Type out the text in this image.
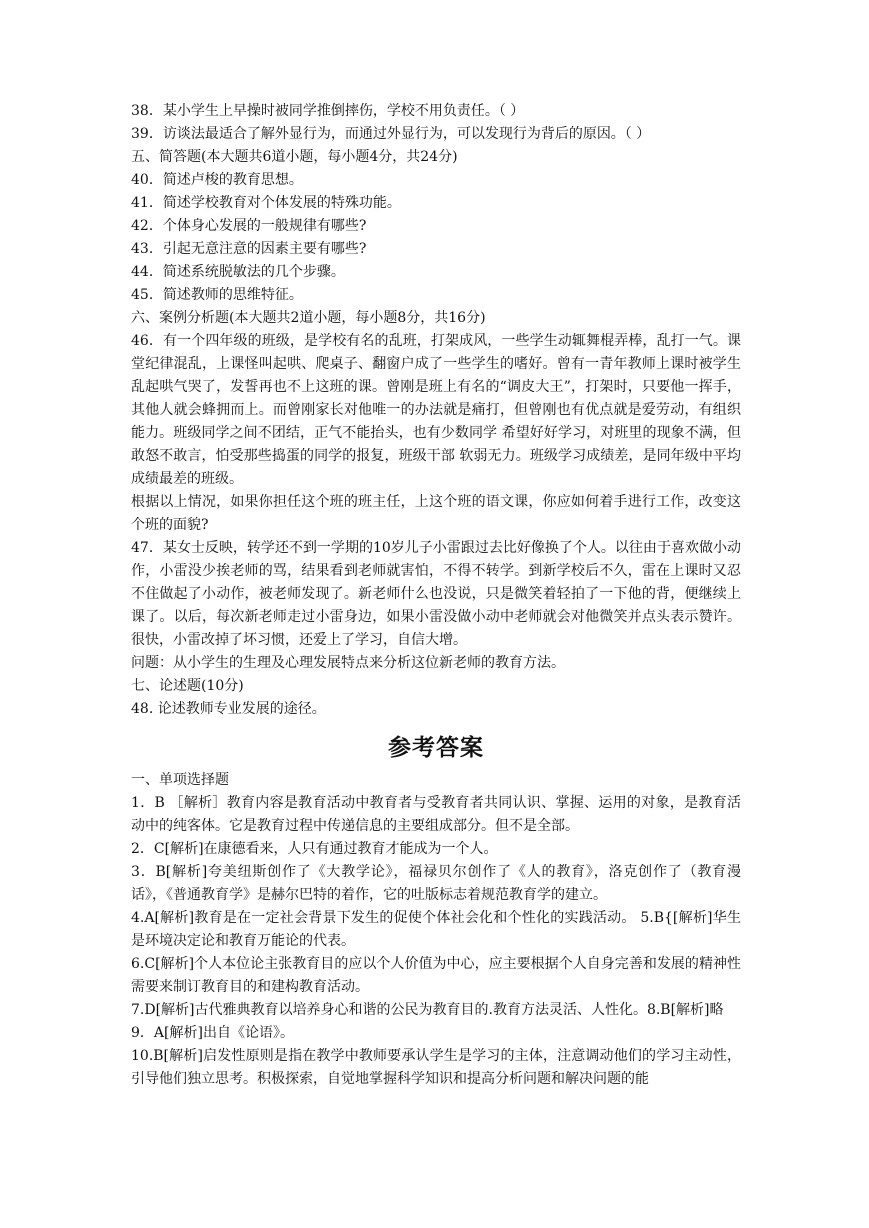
38．某小学生上早操时被同学推倒摔伤，学校不用负责任。（ ）

39．访谈法最适合了解外显行为，而通过外显行为，可以发现行为背后的原因。（ ）

五、简答题(本大题共6道小题，每小题4分，共24分)

40．简述卢梭的教育思想。

41．简述学校教育对个体发展的特殊功能。

42．个体身心发展的一般规律有哪些?

43．引起无意注意的因素主要有哪些?

44．简述系统脱敏法的几个步骤。

45．简述教师的思维特征。

六、案例分析题(本大题共2道小题，每小题8分，共16分)

46．有一个四年级的班级，是学校有名的乱班，打架成风，一些学生动辄舞棍弄棒，乱打一气。课堂纪律混乱，上课怪叫起哄、爬桌子、翻窗户成了一些学生的嗜好。曾有一青年教师上课时被学生乱起哄气哭了，发誓再也不上这班的课。曾刚是班上有名的“调皮大王”，打架时，只要他一挥手，其他人就会蜂拥而上。而曾刚家长对他唯一的办法就是痛打，但曾刚也有优点就是爱劳动，有组织能力。班级同学之间不团结，正气不能抬头，也有少数同学 希望好好学习，对班里的现象不满，但敢怒不敢言，怕受那些捣蛋的同学的报复，班级干部 软弱无力。班级学习成绩差，是同年级中平均成绩最差的班级。

根据以上情况，如果你担任这个班的班主任，上这个班的语文课，你应如何着手进行工作，改变这个班的面貌?

47．某女士反映，转学还不到一学期的10岁儿子小雷跟过去比好像换了个人。以往由于喜欢做小动作，小雷没少挨老师的骂，结果看到老师就害怕，不得不转学。到新学校后不久，雷在上课时又忍不住做起了小动作，被老师发现了。新老师什么也没说，只是微笑着轻拍了一下他的背，便继续上课了。以后，每次新老师走过小雷身边，如果小雷没做小动中老师就会对他微笑并点头表示赞许。很快，小雷改掉了坏习惯，还爱上了学习，自信大增。

问题：从小学生的生理及心理发展特点来分析这位新老师的教育方法。

七、论述题(10分)

48. 论述教师专业发展的途径。

参考答案

一、单项选择题

1．B ［解析］教育内容是教育活动中教育者与受教育者共同认识、掌握、运用的对象，是教育活动中的纯客体。它是教育过程中传递信息的主要组成部分。但不是全部。

2．C[解析]在康德看来，人只有通过教育才能成为一个人。

3．B[解析]夸美纽斯创作了《大教学论》，福禄贝尔创作了《人的教育》，洛克创作了（教育漫话》，《普通教育学》是赫尔巴特的着作，它的吐版标志着规范教育学的建立。

4.A[解析]教育是在一定社会背景下发生的促使个体社会化和个性化的实践活动。 5.B{[解析]华生是环境决定论和教育万能论的代表。

6.C[解析]个人本位论主张教育目的应以个人价值为中心，应主要根据个人自身完善和发展的精神性需要来制订教育目的和建构教育活动。

7.D[解析]古代雅典教育以培养身心和谐的公民为教育目的.教育方法灵活、人性化。8.B[解析]略

9．A[解析]出自《论语》。

10.B[解析]启发性原则是指在教学中教师要承认学生是学习的主体，注意调动他们的学习主动性，引导他们独立思考。积极探索，自觉地掌握科学知识和提高分析问题和解决问题的能
